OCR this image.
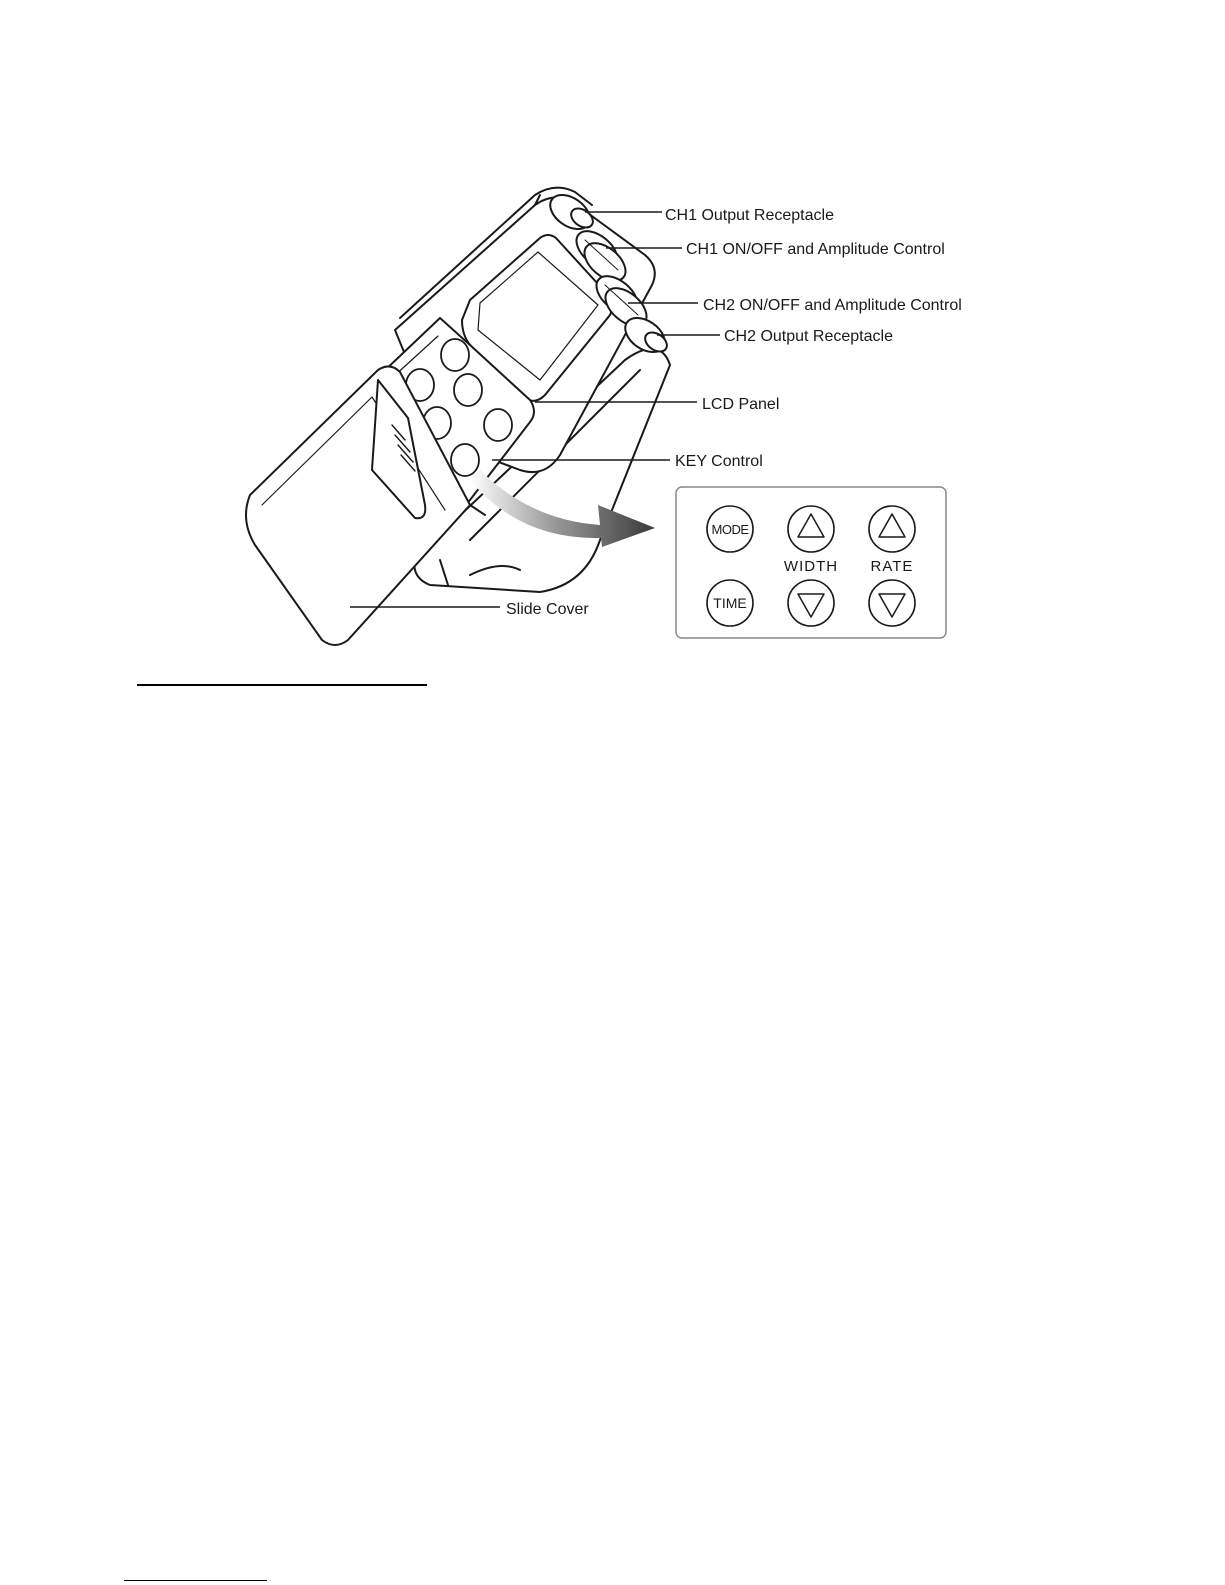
CH1 Output Receptacle
CH1 ON/OFF and Amplitude Control
CH2 ON/OFF and Amplitude Control
CH2 Output Receptacle
LCD Panel
KEY Control
Slide Cover
MODE
TIME
WIDTH RATE
